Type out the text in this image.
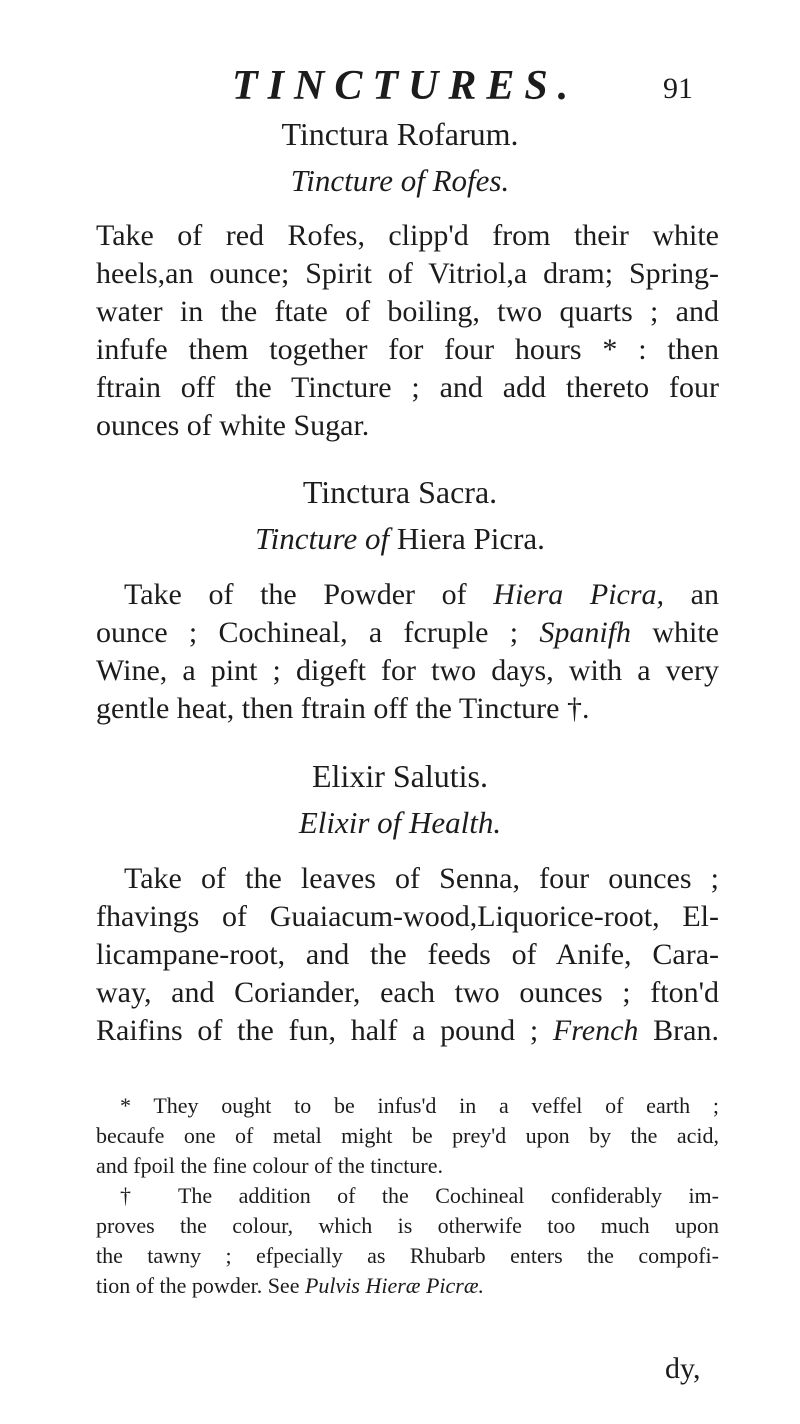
TINCTURES.	91
Tinctura Rofarum.
Tincture of Rofes.
Take of red Rofes, clipp'd from their white
heels,an ounce; Spirit of Vitriol,a dram; Spring-
water in the ftate of boiling, two quarts ; and
infufe them together for four hours * : then
ftrain off the Tincture ; and add thereto four
ounces of white Sugar.
Tinctura Sacra.
Tincture of Hiera Picra.
Take of the Powder of Hiera Picra, an
ounce ; Cochineal, a fcruple ; Spanifh white
Wine, a pint ; digeft for two days, with a very
gentle heat, then ftrain off the Tincture †.
Elixir Salutis.
Elixir of Health.
Take of the leaves of Senna, four ounces ;
fhavings of Guaiacum-wood,Liquorice-root, El-
licampane-root, and the feeds of Anife, Cara-
way, and Coriander, each two ounces ; fton'd
Raifins of the fun, half a pound ; French Bran.
* They ought to be infus'd in a veffel of earth ;
becaufe one of metal might be prey'd upon by the acid,
and fpoil the fine colour of the tincture.
† The addition of the Cochineal confiderably im-
proves the colour, which is otherwife too much upon
the tawny ; efpecially as Rhubarb enters the compofi-
tion of the powder. See Pulvis Hieræ Picræ.
dy,
